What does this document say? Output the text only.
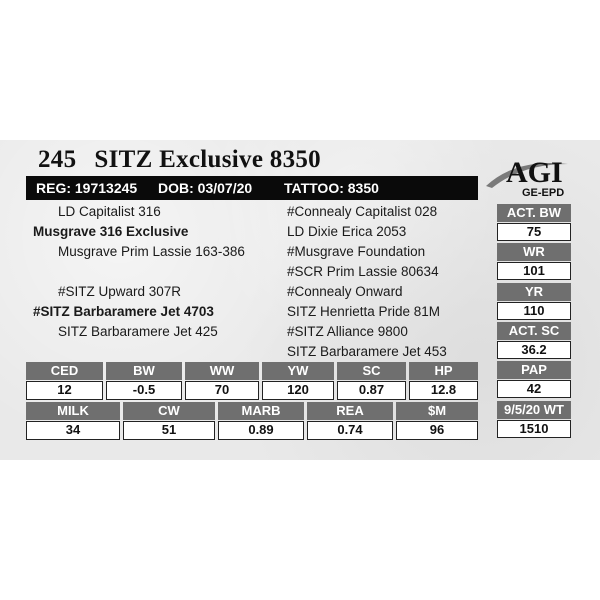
245 SITZ Exclusive 8350
REG: 19713245 DOB: 03/07/20 TATTOO: 8350	AGI
GE-EPD
LD Capitalist 316
Musgrave 316 Exclusive
Musgrave Prim Lassie 163-386
#SITZ Upward 307R
#SITZ Barbaramere Jet 4703
SITZ Barbaramere Jet 425
#Connealy Capitalist 028
LD Dixie Erica 2053
#Musgrave Foundation
#SCR Prim Lassie 80634
#Connealy Onward
SITZ Henrietta Pride 81M
#SITZ Alliance 9800
SITZ Barbaramere Jet 453
ACT. BW
75
WR
101
YR
110
ACT. SC
36.2
PAP
42
9/5/20 WT
1510
CED
12
BW
-0.5
WW
70
YW
120
SC
0.87
HP
12.8
MILK
34
CW
51
MARB
0.89
REA
0.74
$M
96
